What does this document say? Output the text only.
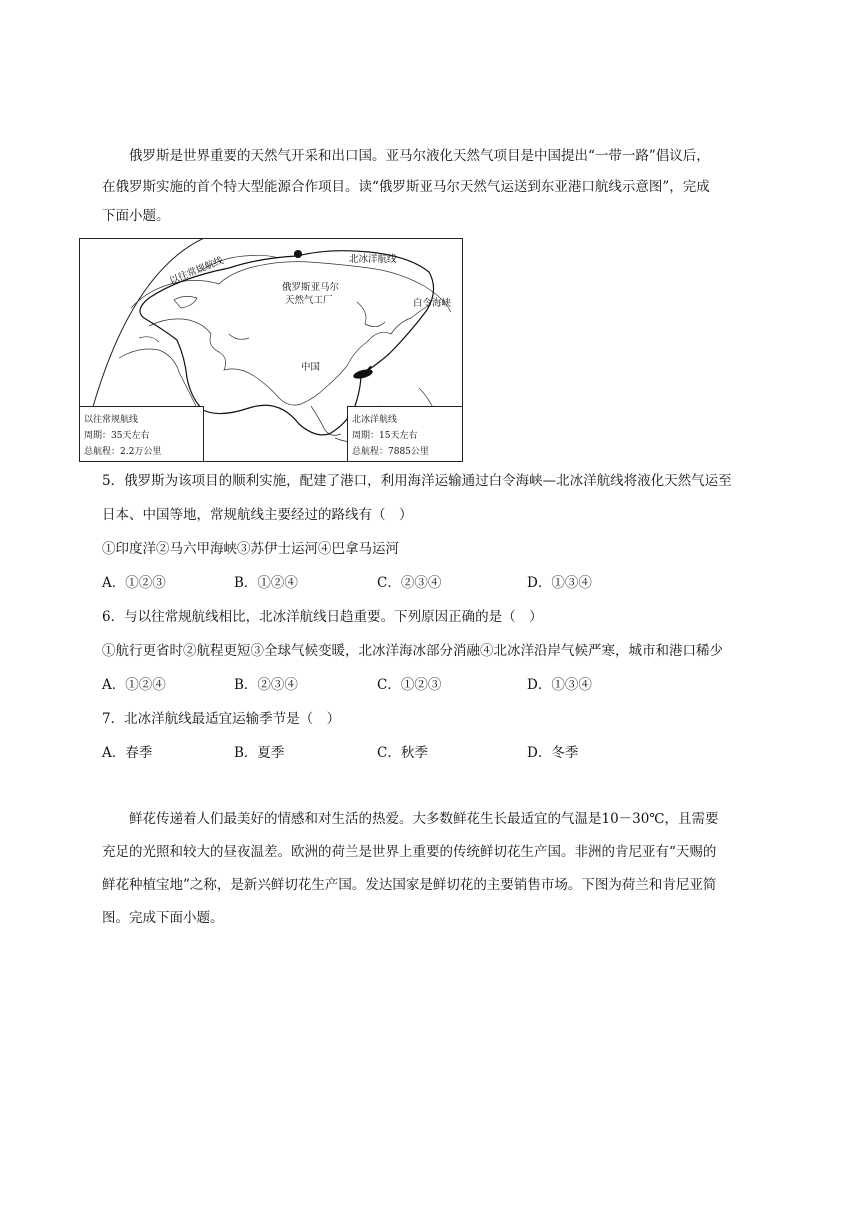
俄罗斯是世界重要的天然气开采和出口国。亚马尔液化天然气项目是中国提出“一带一路”倡议后，
在俄罗斯实施的首个特大型能源合作项目。读“俄罗斯亚马尔天然气运送到东亚港口航线示意图”，完成
下面小题。
以往常规航线	北冰洋航线
俄罗斯亚马尔
天然气工厂	白令海峡
中国
以往常规航线
周期：35天左右
总航程：2.2万公里
北冰洋航线
周期：15天左右
总航程：7885公里
5．俄罗斯为该项目的顺利实施，配建了港口，利用海洋运输通过白令海峡—北冰洋航线将液化天然气运至
日本、中国等地，常规航线主要经过的路线有（　）
①印度洋②马六甲海峡③苏伊士运河④巴拿马运河
A．①②③	B．①②④	C．②③④	D．①③④
6．与以往常规航线相比，北冰洋航线日趋重要。下列原因正确的是（　）
①航行更省时②航程更短③全球气候变暖，北冰洋海冰部分消融④北冰洋沿岸气候严寒，城市和港口稀少
A．①②④	B．②③④	C．①②③	D．①③④
7．北冰洋航线最适宜运输季节是（　）
A．春季	B．夏季	C．秋季	D．冬季
鲜花传递着人们最美好的情感和对生活的热爱。大多数鲜花生长最适宜的气温是10－30℃，且需要
充足的光照和较大的昼夜温差。欧洲的荷兰是世界上重要的传统鲜切花生产国。非洲的肯尼亚有“天赐的
鲜花种植宝地”之称，是新兴鲜切花生产国。发达国家是鲜切花的主要销售市场。下图为荷兰和肯尼亚简
图。完成下面小题。
